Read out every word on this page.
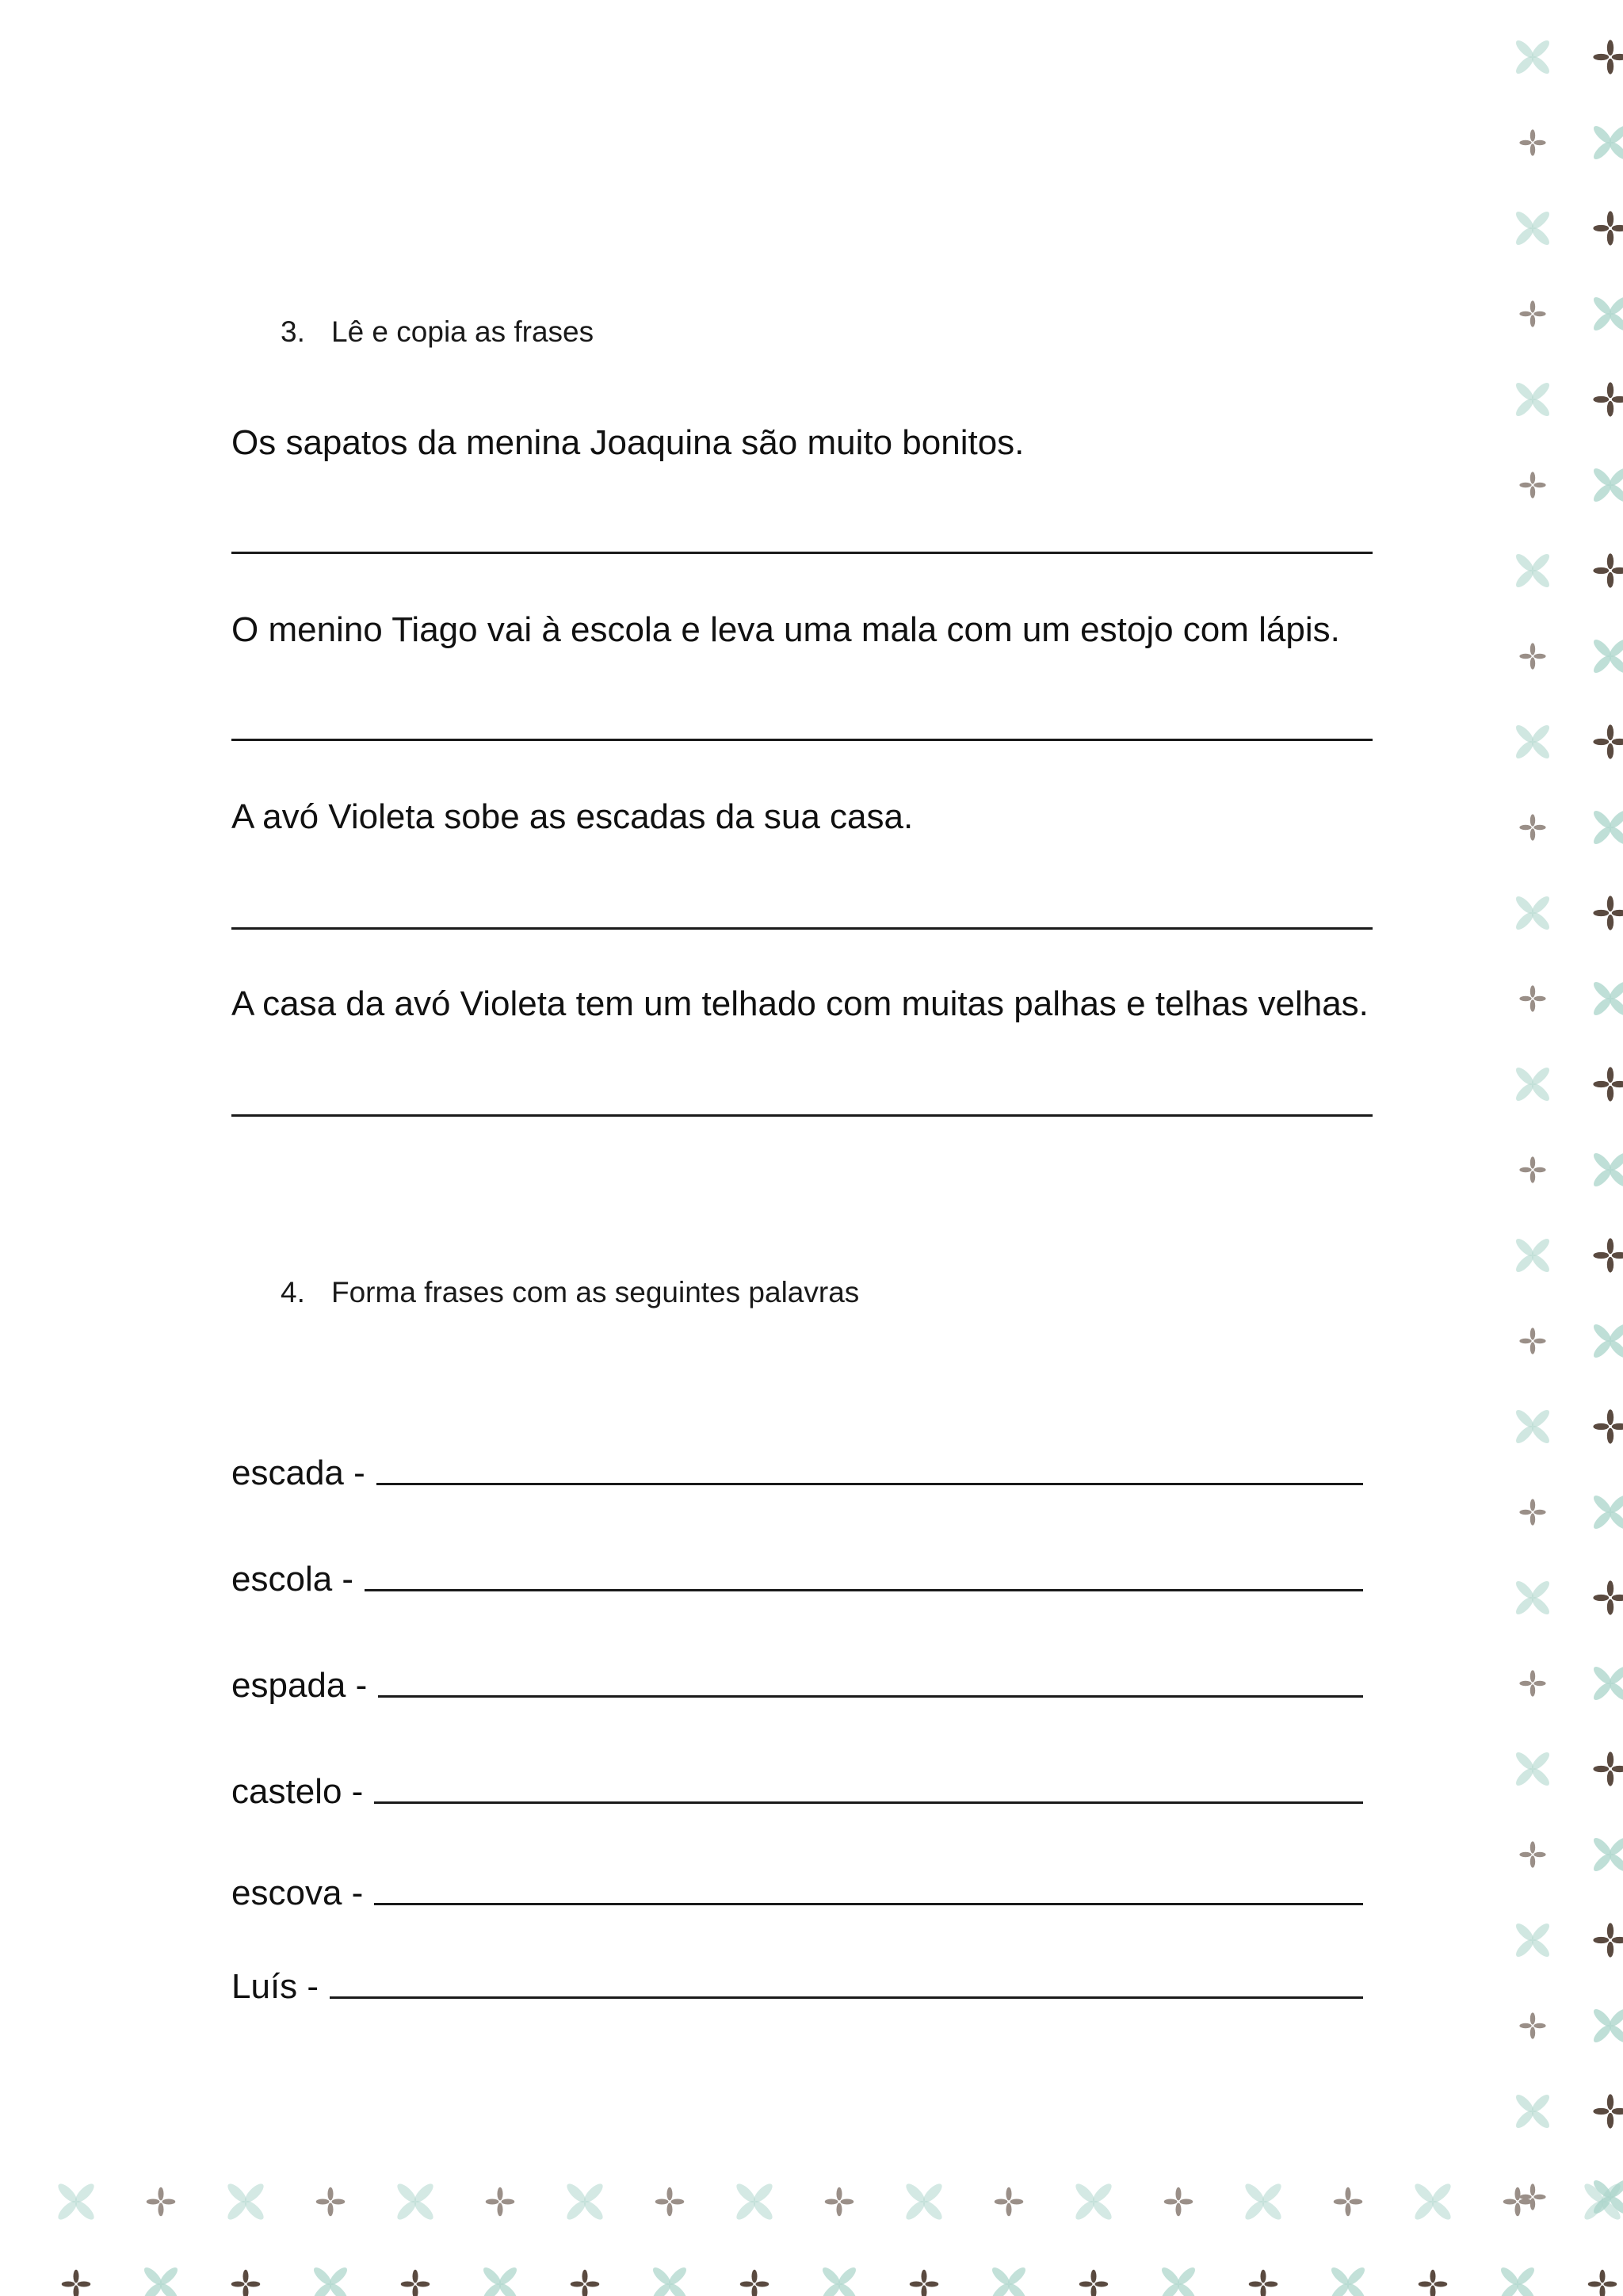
3. Lê e copia as frases
Os sapatos da menina Joaquina são muito bonitos.
O menino Tiago vai à escola e leva uma mala com um estojo com lápis.
A avó Violeta sobe as escadas da sua casa.
A casa da avó Violeta tem um telhado com muitas palhas e telhas velhas.
4. Forma frases com as seguintes palavras
escada -
escola -
espada -
castelo -
escova -
Luís -
